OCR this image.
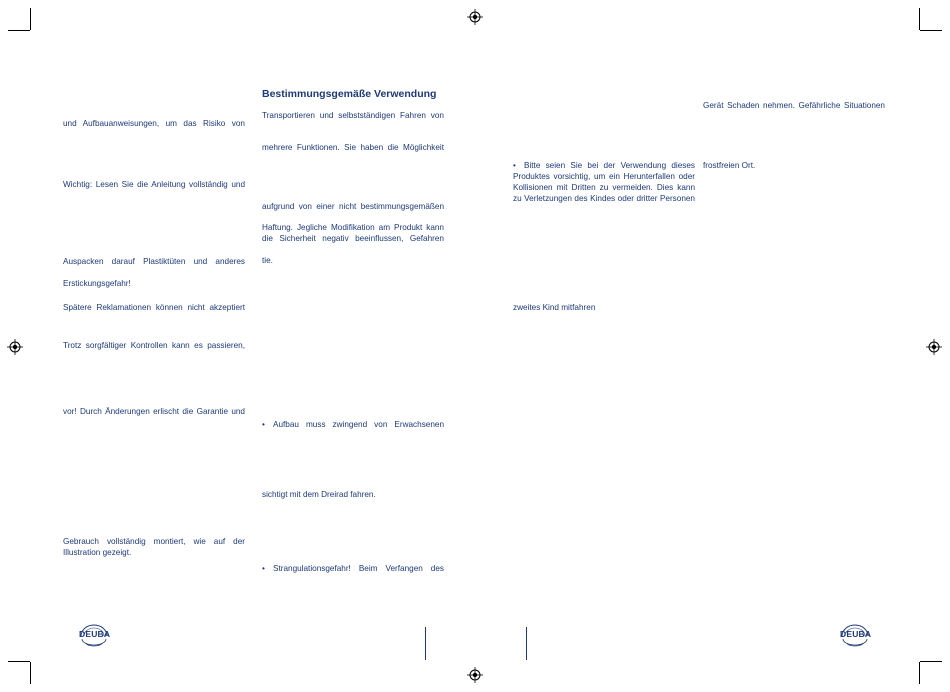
und Aufbauanweisungen, um das Risiko von

Wichtig: Lesen Sie die Anleitung vollständig und

Auspacken darauf Plastiktüten und anderes

Erstickungsgefahr!

Spätere Reklamationen können nicht akzeptiert

Trotz sorgfältiger Kontrollen kann es passieren,

vor! Durch Änderungen erlischt die Garantie und

Gebrauch vollständig montiert, wie auf der

Illustration gezeigt.

Bestimmungsgemäße Verwendung

Transportieren und selbstständigen Fahren von

mehrere Funktionen. Sie haben die Möglichkeit

aufgrund von einer nicht bestimmungsgemäßen

Haftung. Jegliche Modifikation am Produkt kann

die Sicherheit negativ beeinflussen, Gefahren

tie.

• Aufbau muss zwingend von Erwachsenen

sichtigt mit dem Dreirad fahren.

• Strangulationsgefahr! Beim Verfangen des

• Bitte seien Sie bei der Verwendung dieses

Produktes vorsichtig, um ein Herunterfallen oder

Kollisionen mit Dritten zu vermeiden. Dies kann

zu Verletzungen des Kindes oder dritter Personen

zweites Kind mitfahren

Gerät Schaden nehmen. Gefährliche Situationen

frostfreien Ort.

DEUBA	DEUBA
